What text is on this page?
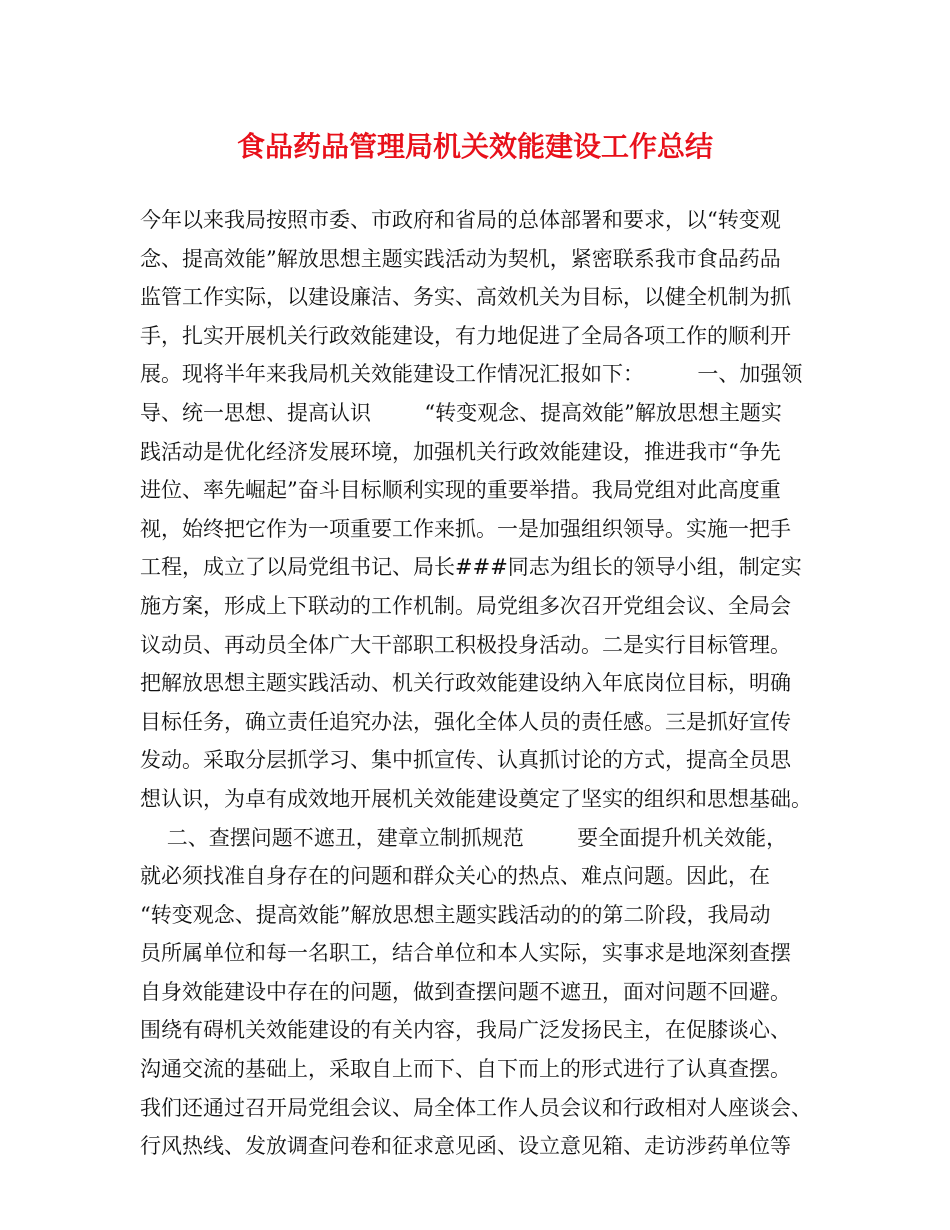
食品药品管理局机关效能建设工作总结
今年以来我局按照市委、市政府和省局的总体部署和要求，以“转变观
念、提高效能”解放思想主题实践活动为契机，紧密联系我市食品药品
监管工作实际，以建设廉洁、务实、高效机关为目标，以健全机制为抓
手，扎实开展机关行政效能建设，有力地促进了全局各项工作的顺利开
展。现将半年来我局机关效能建设工作情况汇报如下：        一、加强领
导、统一思想、提高认识        “转变观念、提高效能”解放思想主题实
践活动是优化经济发展环境，加强机关行政效能建设，推进我市“争先
进位、率先崛起”奋斗目标顺利实现的重要举措。我局党组对此高度重
视，始终把它作为一项重要工作来抓。一是加强组织领导。实施一把手
工程，成立了以局党组书记、局长###同志为组长的领导小组，制定实
施方案，形成上下联动的工作机制。局党组多次召开党组会议、全局会
议动员、再动员全体广大干部职工积极投身活动。二是实行目标管理。
把解放思想主题实践活动、机关行政效能建设纳入年底岗位目标，明确
目标任务，确立责任追究办法，强化全体人员的责任感。三是抓好宣传
发动。采取分层抓学习、集中抓宣传、认真抓讨论的方式，提高全员思
想认识，为卓有成效地开展机关效能建设奠定了坚实的组织和思想基础。
二、查摆问题不遮丑，建章立制抓规范        要全面提升机关效能，
就必须找准自身存在的问题和群众关心的热点、难点问题。因此，在
“转变观念、提高效能”解放思想主题实践活动的的第二阶段，我局动
员所属单位和每一名职工，结合单位和本人实际，实事求是地深刻查摆
自身效能建设中存在的问题，做到查摆问题不遮丑，面对问题不回避。
围绕有碍机关效能建设的有关内容，我局广泛发扬民主，在促膝谈心、
沟通交流的基础上，采取自上而下、自下而上的形式进行了认真查摆。
我们还通过召开局党组会议、局全体工作人员会议和行政相对人座谈会、
行风热线、发放调查问卷和征求意见函、设立意见箱、走访涉药单位等
